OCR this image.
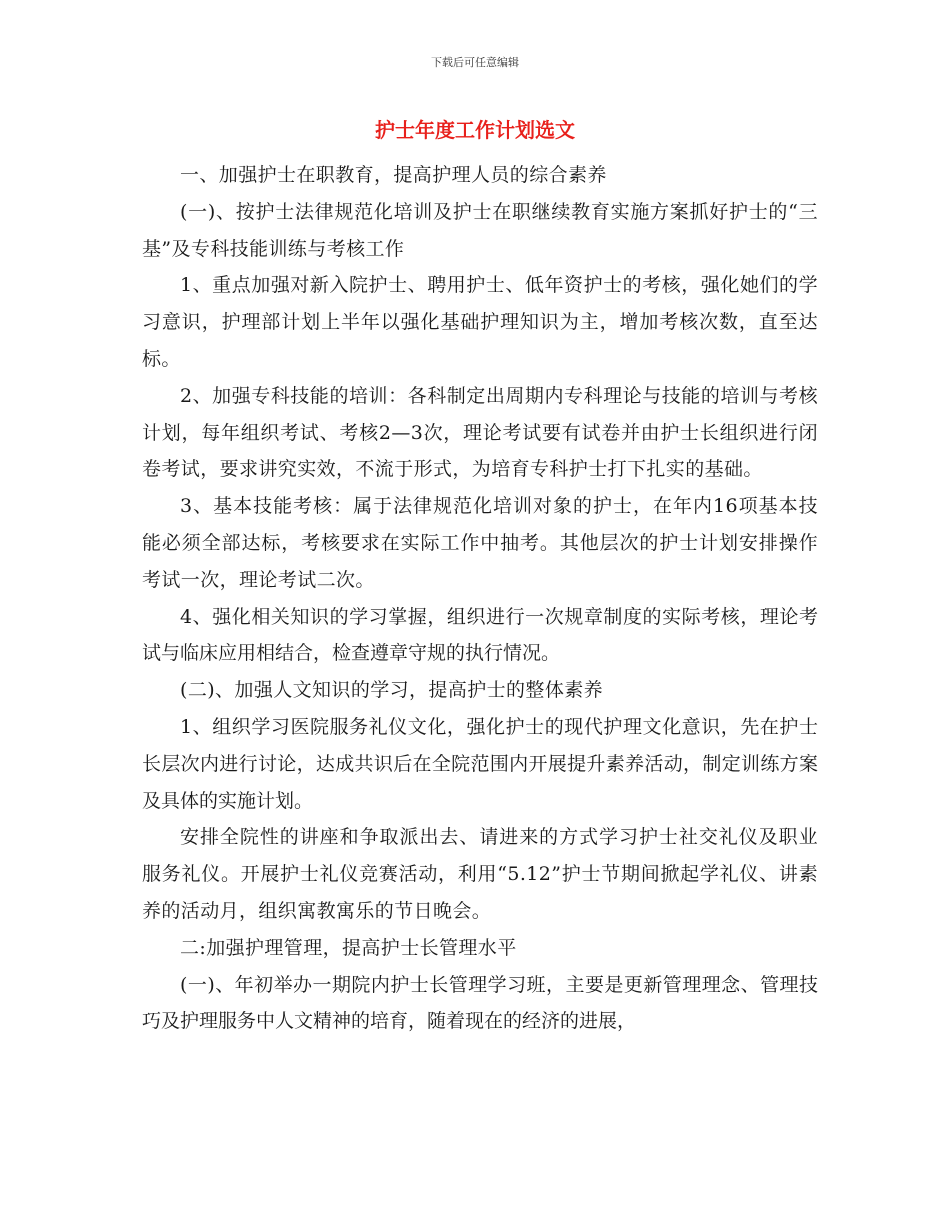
下载后可任意编辑
护士年度工作计划选文

一、加强护士在职教育，提高护理人员的综合素养

(一)、按护士法律规范化培训及护士在职继续教育实施方案抓好护士的“三基”及专科技能训练与考核工作

1、重点加强对新入院护士、聘用护士、低年资护士的考核，强化她们的学习意识，护理部计划上半年以强化基础护理知识为主，增加考核次数，直至达标。

2、加强专科技能的培训：各科制定出周期内专科理论与技能的培训与考核计划，每年组织考试、考核2—3次，理论考试要有试卷并由护士长组织进行闭卷考试，要求讲究实效，不流于形式，为培育专科护士打下扎实的基础。

3、基本技能考核：属于法律规范化培训对象的护士，在年内16项基本技能必须全部达标，考核要求在实际工作中抽考。其他层次的护士计划安排操作考试一次，理论考试二次。

4、强化相关知识的学习掌握，组织进行一次规章制度的实际考核，理论考试与临床应用相结合，检查遵章守规的执行情况。

(二)、加强人文知识的学习，提高护士的整体素养

1、组织学习医院服务礼仪文化，强化护士的现代护理文化意识，先在护士长层次内进行讨论，达成共识后在全院范围内开展提升素养活动，制定训练方案及具体的实施计划。

安排全院性的讲座和争取派出去、请进来的方式学习护士社交礼仪及职业服务礼仪。开展护士礼仪竞赛活动，利用“5.12”护士节期间掀起学礼仪、讲素养的活动月，组织寓教寓乐的节日晚会。

二:加强护理管理，提高护士长管理水平

(一)、年初举办一期院内护士长管理学习班，主要是更新管理理念、管理技巧及护理服务中人文精神的培育，随着现在的经济的进展，
